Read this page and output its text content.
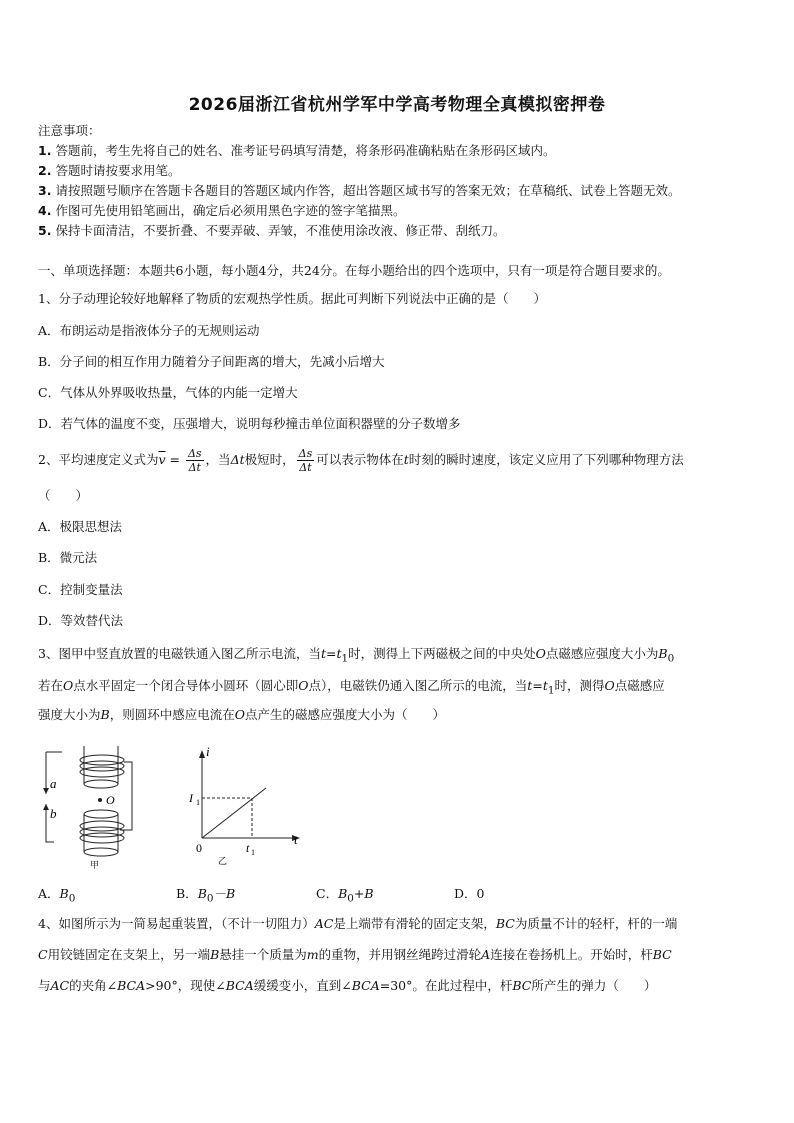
2026届浙江省杭州学军中学高考物理全真模拟密押卷
注意事项：
1. 答题前，考生先将自己的姓名、准考证号码填写清楚，将条形码准确粘贴在条形码区域内。
2. 答题时请按要求用笔。
3. 请按照题号顺序在答题卡各题目的答题区域内作答，超出答题区域书写的答案无效；在草稿纸、试卷上答题无效。
4. 作图可先使用铅笔画出，确定后必须用黑色字迹的签字笔描黑。
5. 保持卡面清洁，不要折叠、不要弄破、弄皱，不准使用涂改液、修正带、刮纸刀。
一、单项选择题：本题共6小题，每小题4分，共24分。在每小题给出的四个选项中，只有一项是符合题目要求的。
1、分子动理论较好地解释了物质的宏观热学性质。据此可判断下列说法中正确的是（　　）
A．布朗运动是指液体分子的无规则运动
B．分子间的相互作用力随着分子间距离的增大，先减小后增大
C．气体从外界吸收热量，气体的内能一定增大
D．若气体的温度不变，压强增大，说明每秒撞击单位面积器壁的分子数增多
2、平均速度定义式为$\overline{v} = \frac{\Delta s}{\Delta t}$ ，当Δt极短时， $\frac{\Delta s}{\Delta t}$ 可以表示物体在t时刻的瞬时速度，该定义应用了下列哪种物理方法
（　　）
A．极限思想法
B．微元法
C．控制变量法
D．等效替代法
3、图甲中竖直放置的电磁铁通入图乙所示电流，当$t=t_1$时，测得上下两磁极之间的中央处O点磁感应强度大小为$B_0$
若在O点水平固定一个闭合导体小圆环（圆心即O点），电磁铁仍通入图乙所示的电流，当$t=t_1$时，测得O点磁感应
强度大小为B，则圆环中感应电流在O点产生的磁感应强度大小为（　　）
a
b
O
甲
i
t
I 1
0	t 1
乙
A．$B_0$	B．$B_0-B$	C．$B_0+B$	D．0
4、如图所示为一简易起重装置，（不计一切阻力）AC是上端带有滑轮的固定支架，BC为质量不计的轻杆，杆的一端
C用铰链固定在支架上，另一端B悬挂一个质量为m的重物，并用钢丝绳跨过滑轮A连接在卷扬机上。开始时，杆BC
与AC的夹角∠BCA>90°，现使∠BCA缓缓变小，直到∠BCA=30°。在此过程中，杆BC所产生的弹力（　　）
